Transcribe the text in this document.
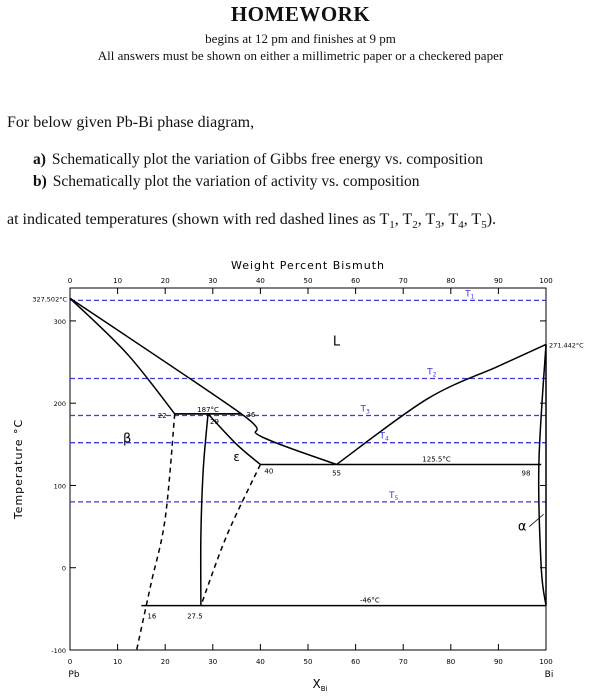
HOMEWORK
begins at 12 pm and finishes at 9 pm
All answers must be shown on either a millimetric paper or a checkered paper
For below given Pb-Bi phase diagram,
a) Schematically plot the variation of Gibbs free energy vs. composition
b) Schematically plot the variation of activity vs. composition
at indicated temperatures (shown with red dashed lines as $T_1$, $T_2$, $T_3$, $T_4$, $T_5$).
Weight Percent Bismuth
0	10	20	30	40	50	60	70	80	90	100
0	10	20	30	40	50	60	70	80	90	100
Pb	Bi
$X_{Bi}$
-100
0
100
200
300
Temperature °C
327.502°C
271.442°C
$T_1$
$T_2$
$T_3$
$T_4$
$T_5$
187°C
125.5°C
-46°C
22
29
36
40	55	98
16	27.5
L
β
ε
α
